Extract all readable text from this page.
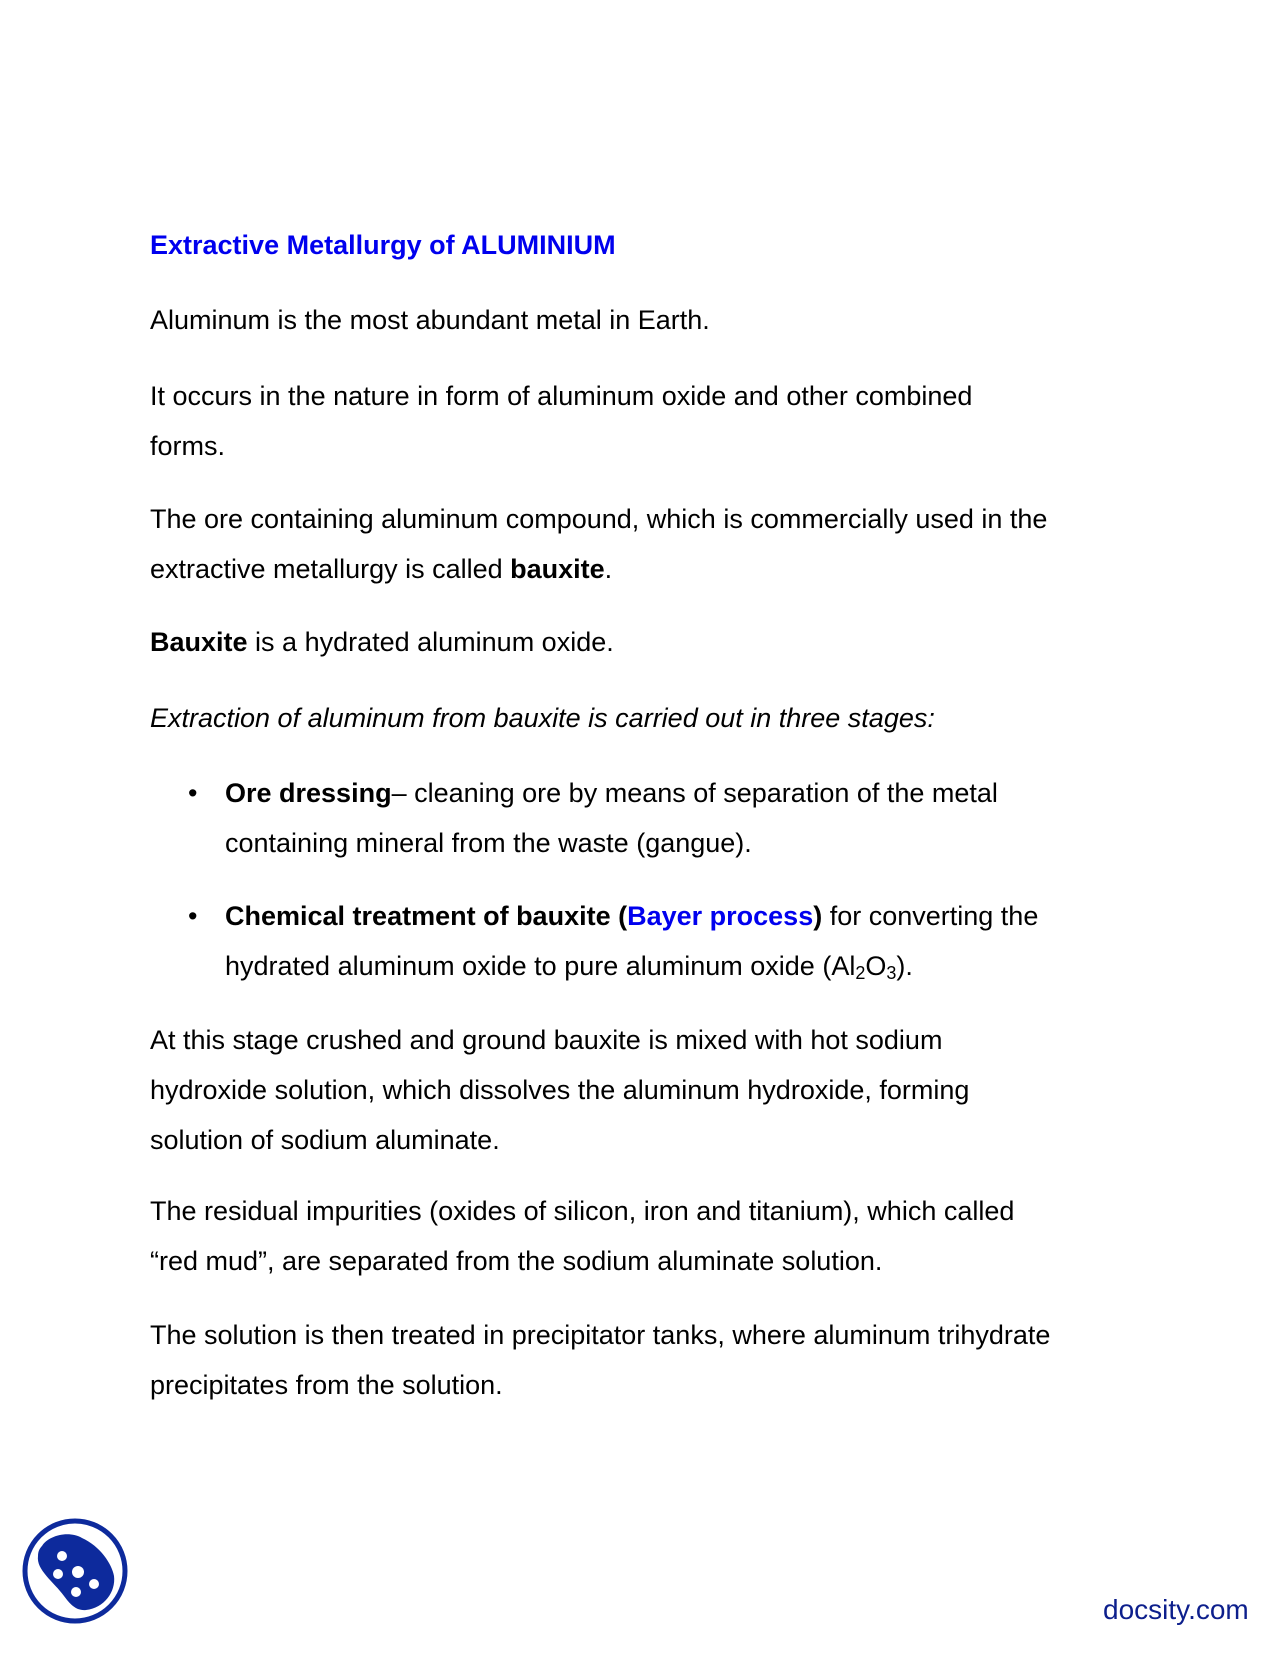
Extractive Metallurgy of ALUMINIUM

Aluminum is the most abundant metal in Earth.

It occurs in the nature in form of aluminum oxide and other combined
forms.

The ore containing aluminum compound, which is commercially used in the
extractive metallurgy is called bauxite.

Bauxite is a hydrated aluminum oxide.

Extraction of aluminum from bauxite is carried out in three stages:

• Ore dressing– cleaning ore by means of separation of the metal
containing mineral from the waste (gangue).
• Chemical treatment of bauxite (Bayer process) for converting the
hydrated aluminum oxide to pure aluminum oxide $(Al_2O_3)$.

At this stage crushed and ground bauxite is mixed with hot sodium
hydroxide solution, which dissolves the aluminum hydroxide, forming
solution of sodium aluminate.

The residual impurities (oxides of silicon, iron and titanium), which called
“red mud”, are separated from the sodium aluminate solution.

The solution is then treated in precipitator tanks, where aluminum trihydrate
precipitates from the solution.

docsity.com
